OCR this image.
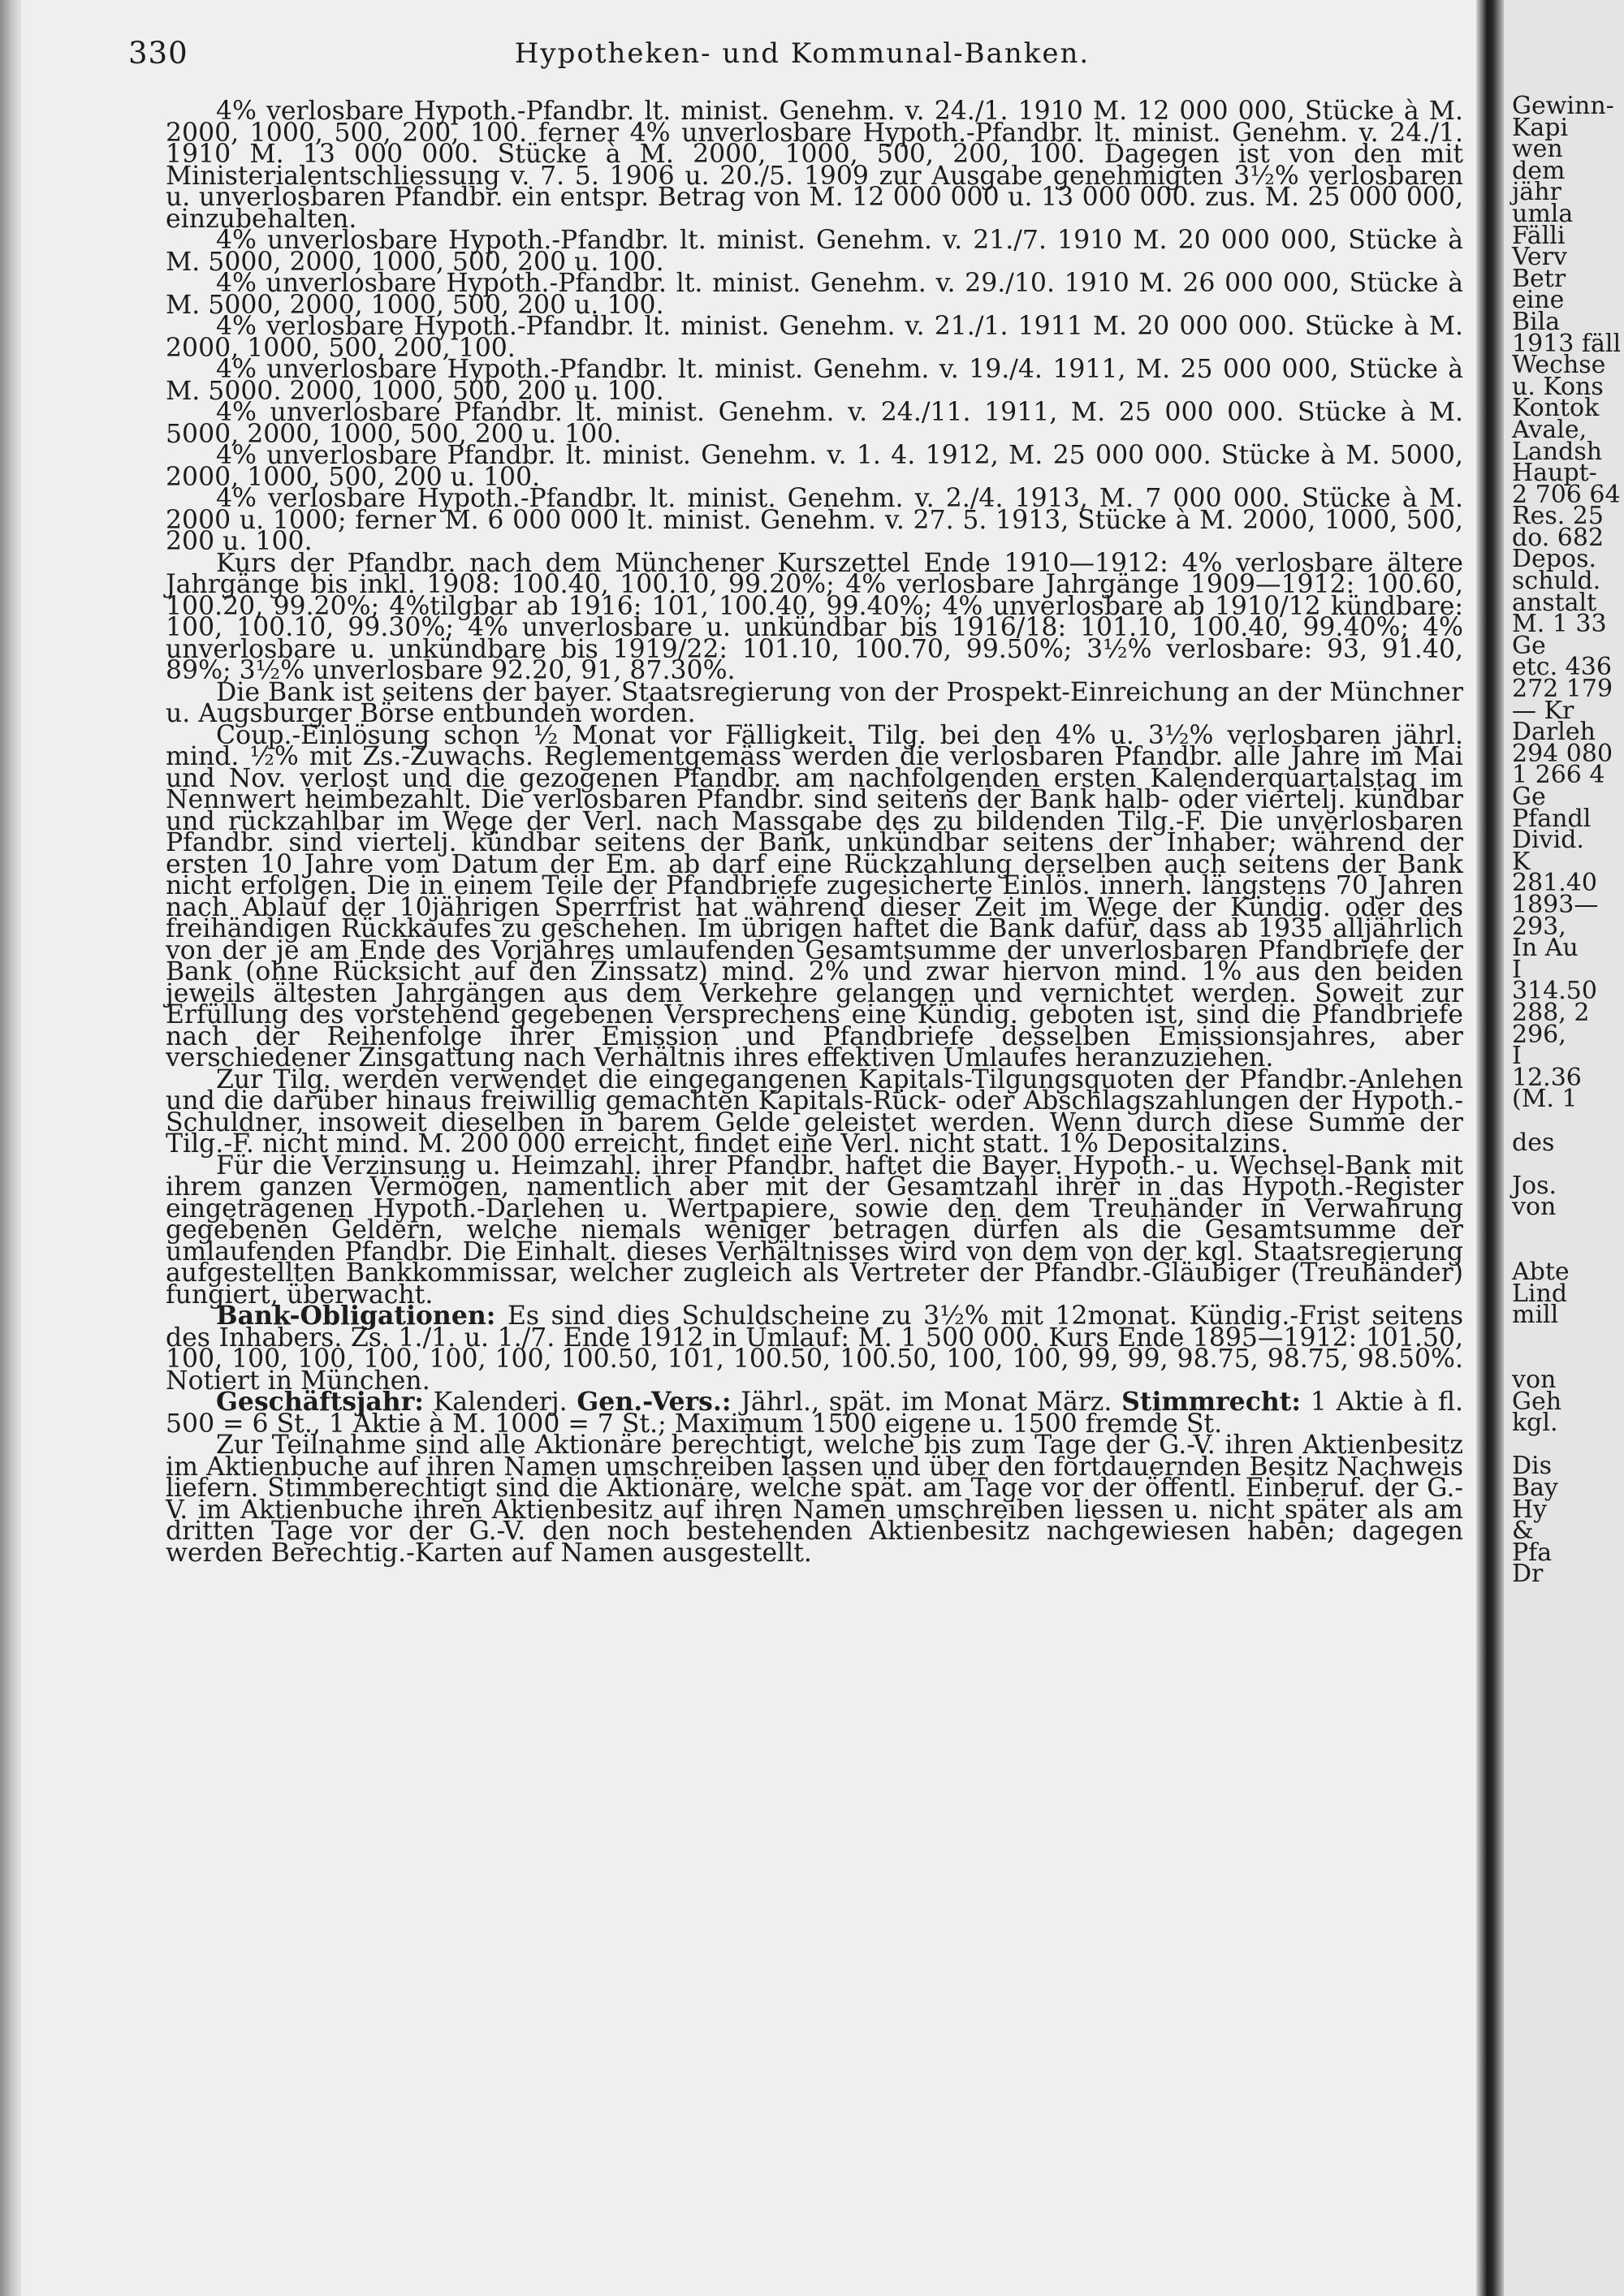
330	Hypotheken- und Kommunal-Banken.

4% verlosbare Hypoth.-Pfandbr. lt. minist. Genehm. v. 24./1. 1910 M. 12 000 000, Stücke à M. 2000, 1000, 500, 200, 100. ferner 4% unverlosbare Hypoth.-Pfandbr. lt. minist. Genehm. v. 24./1. 1910 M. 13 000 000. Stücke à M. 2000, 1000, 500, 200, 100. Dagegen ist von den mit Ministerialentschliessung v. 7. 5. 1906 u. 20./5. 1909 zur Ausgabe genehmigten 3½% verlosbaren u. unverlosbaren Pfandbr. ein entspr. Betrag von M. 12 000 000 u. 13 000 000. zus. M. 25 000 000, einzubehalten.

4% unverlosbare Hypoth.-Pfandbr. lt. minist. Genehm. v. 21./7. 1910 M. 20 000 000, Stücke à M. 5000, 2000, 1000, 500, 200 u. 100.

4% unverlosbare Hypoth.-Pfandbr. lt. minist. Genehm. v. 29./10. 1910 M. 26 000 000, Stücke à M. 5000, 2000, 1000, 500, 200 u. 100.

4% verlosbare Hypoth.-Pfandbr. lt. minist. Genehm. v. 21./1. 1911 M. 20 000 000. Stücke à M. 2000, 1000, 500, 200, 100.

4% unverlosbare Hypoth.-Pfandbr. lt. minist. Genehm. v. 19./4. 1911, M. 25 000 000, Stücke à M. 5000. 2000, 1000, 500, 200 u. 100.

4% unverlosbare Pfandbr. lt. minist. Genehm. v. 24./11. 1911, M. 25 000 000. Stücke à M. 5000, 2000, 1000, 500, 200 u. 100.

4% unverlosbare Pfandbr. lt. minist. Genehm. v. 1. 4. 1912, M. 25 000 000. Stücke à M. 5000, 2000, 1000, 500, 200 u. 100.

4% verlosbare Hypoth.-Pfandbr. lt. minist. Genehm. v. 2./4. 1913, M. 7 000 000. Stücke à M. 2000 u. 1000; ferner M. 6 000 000 lt. minist. Genehm. v. 27. 5. 1913, Stücke à M. 2000, 1000, 500, 200 u. 100.

Kurs der Pfandbr. nach dem Münchener Kurszettel Ende 1910—1912: 4% verlosbare ältere Jahrgänge bis inkl. 1908: 100.40, 100.10, 99.20%; 4% verlosbare Jahrgänge 1909—1912: 100.60, 100.20, 99.20%; 4%tilgbar ab 1916: 101, 100.40, 99.40%; 4% unverlosbare ab 1910/12 kündbare: 100, 100.10, 99.30%; 4% unverlosbare u. unkündbar bis 1916/18: 101.10, 100.40, 99.40%; 4% unverlosbare u. unkündbare bis 1919/22: 101.10, 100.70, 99.50%; 3½% verlosbare: 93, 91.40, 89%; 3½% unverlosbare 92.20, 91, 87.30%.

Die Bank ist seitens der bayer. Staatsregierung von der Prospekt-Einreichung an der Münchner u. Augsburger Börse entbunden worden.

Coup.-Einlösung schon ½ Monat vor Fälligkeit. Tilg. bei den 4% u. 3½% verlosbaren jährl. mind. ½% mit Zs.-Zuwachs. Reglementgemäss werden die verlosbaren Pfandbr. alle Jahre im Mai und Nov. verlost und die gezogenen Pfandbr. am nachfolgenden ersten Kalenderquartalstag im Nennwert heimbezahlt. Die verlosbaren Pfandbr. sind seitens der Bank halb- oder viertelj. kündbar und rückzahlbar im Wege der Verl. nach Massgabe des zu bildenden Tilg.-F. Die unverlosbaren Pfandbr. sind viertelj. kündbar seitens der Bank, unkündbar seitens der Inhaber; während der ersten 10 Jahre vom Datum der Em. ab darf eine Rückzahlung derselben auch seitens der Bank nicht erfolgen. Die in einem Teile der Pfandbriefe zugesicherte Einlös. innerh. längstens 70 Jahren nach Ablauf der 10jährigen Sperrfrist hat während dieser Zeit im Wege der Kündig. oder des freihändigen Rückkaufes zu geschehen. Im übrigen haftet die Bank dafür, dass ab 1935 alljährlich von der je am Ende des Vorjahres umlaufenden Gesamtsumme der unverlosbaren Pfandbriefe der Bank (ohne Rücksicht auf den Zinssatz) mind. 2% und zwar hiervon mind. 1% aus den beiden jeweils ältesten Jahrgängen aus dem Verkehre gelangen und vernichtet werden. Soweit zur Erfüllung des vorstehend gegebenen Versprechens eine Kündig. geboten ist, sind die Pfandbriefe nach der Reihenfolge ihrer Emission und Pfandbriefe desselben Emissionsjahres, aber verschiedener Zinsgattung nach Verhältnis ihres effektiven Umlaufes heranzuziehen.

Zur Tilg. werden verwendet die eingegangenen Kapitals-Tilgungsquoten der Pfandbr.-Anlehen und die darüber hinaus freiwillig gemachten Kapitals-Rück- oder Abschlagszahlungen der Hypoth.-Schuldner, insoweit dieselben in barem Gelde geleistet werden. Wenn durch diese Summe der Tilg.-F. nicht mind. M. 200 000 erreicht, findet eine Verl. nicht statt. 1% Depositalzins.

Für die Verzinsung u. Heimzahl. ihrer Pfandbr. haftet die Bayer. Hypoth.- u. Wechsel-Bank mit ihrem ganzen Vermögen, namentlich aber mit der Gesamtzahl ihrer in das Hypoth.-Register eingetragenen Hypoth.-Darlehen u. Wertpapiere, sowie den dem Treuhänder in Verwahrung gegebenen Geldern, welche niemals weniger betragen dürfen als die Gesamtsumme der umlaufenden Pfandbr. Die Einhalt. dieses Verhältnisses wird von dem von der kgl. Staatsregierung aufgestellten Bankkommissar, welcher zugleich als Vertreter der Pfandbr.-Gläubiger (Treuhänder) fungiert, überwacht.

Bank-Obligationen: Es sind dies Schuldscheine zu 3½% mit 12monat. Kündig.-Frist seitens des Inhabers. Zs. 1./1. u. 1./7. Ende 1912 in Umlauf: M. 1 500 000. Kurs Ende 1895—1912: 101.50, 100, 100, 100, 100, 100, 100, 100.50, 101, 100.50, 100.50, 100, 100, 99, 99, 98.75, 98.75, 98.50%. Notiert in München.

Geschäftsjahr: Kalenderj. Gen.-Vers.: Jährl., spät. im Monat März. Stimmrecht: 1 Aktie à fl. 500 = 6 St., 1 Aktie à M. 1000 = 7 St.; Maximum 1500 eigene u. 1500 fremde St.

Zur Teilnahme sind alle Aktionäre berechtigt, welche bis zum Tage der G.-V. ihren Aktienbesitz im Aktienbuche auf ihren Namen umschreiben lassen und über den fortdauernden Besitz Nachweis liefern. Stimmberechtigt sind die Aktionäre, welche spät. am Tage vor der öffentl. Einberuf. der G.-V. im Aktienbuche ihren Aktienbesitz auf ihren Namen umschreiben liessen u. nicht später als am dritten Tage vor der G.-V. den noch bestehenden Aktienbesitz nachgewiesen haben; dagegen werden Berechtig.-Karten auf Namen ausgestellt.

Gewinn-
Kapi
wen
dem
jähr
umla
Fälli
Verv
Betr
eine
Bila
1913 fäll
Wechse
u. Kons
Kontok
Avale,
Landsh
Haupt-
2 706 64
Res. 25
do. 682
Depos.
schuld.
anstalt
M. 1 33
Ge
etc. 436
272 179
— Kr
Darleh
294 080
1 266 4
Ge
Pfandl
Divid.
K
281.40
1893—
293,
In Au
I
314.50
288, 2
296,
I
12.36
(M. 1
des
Jos.
von
Abte
Lind
mill
von
Geh
kgl.
Dis
Bay
Hy
&
Pfa
Dr
